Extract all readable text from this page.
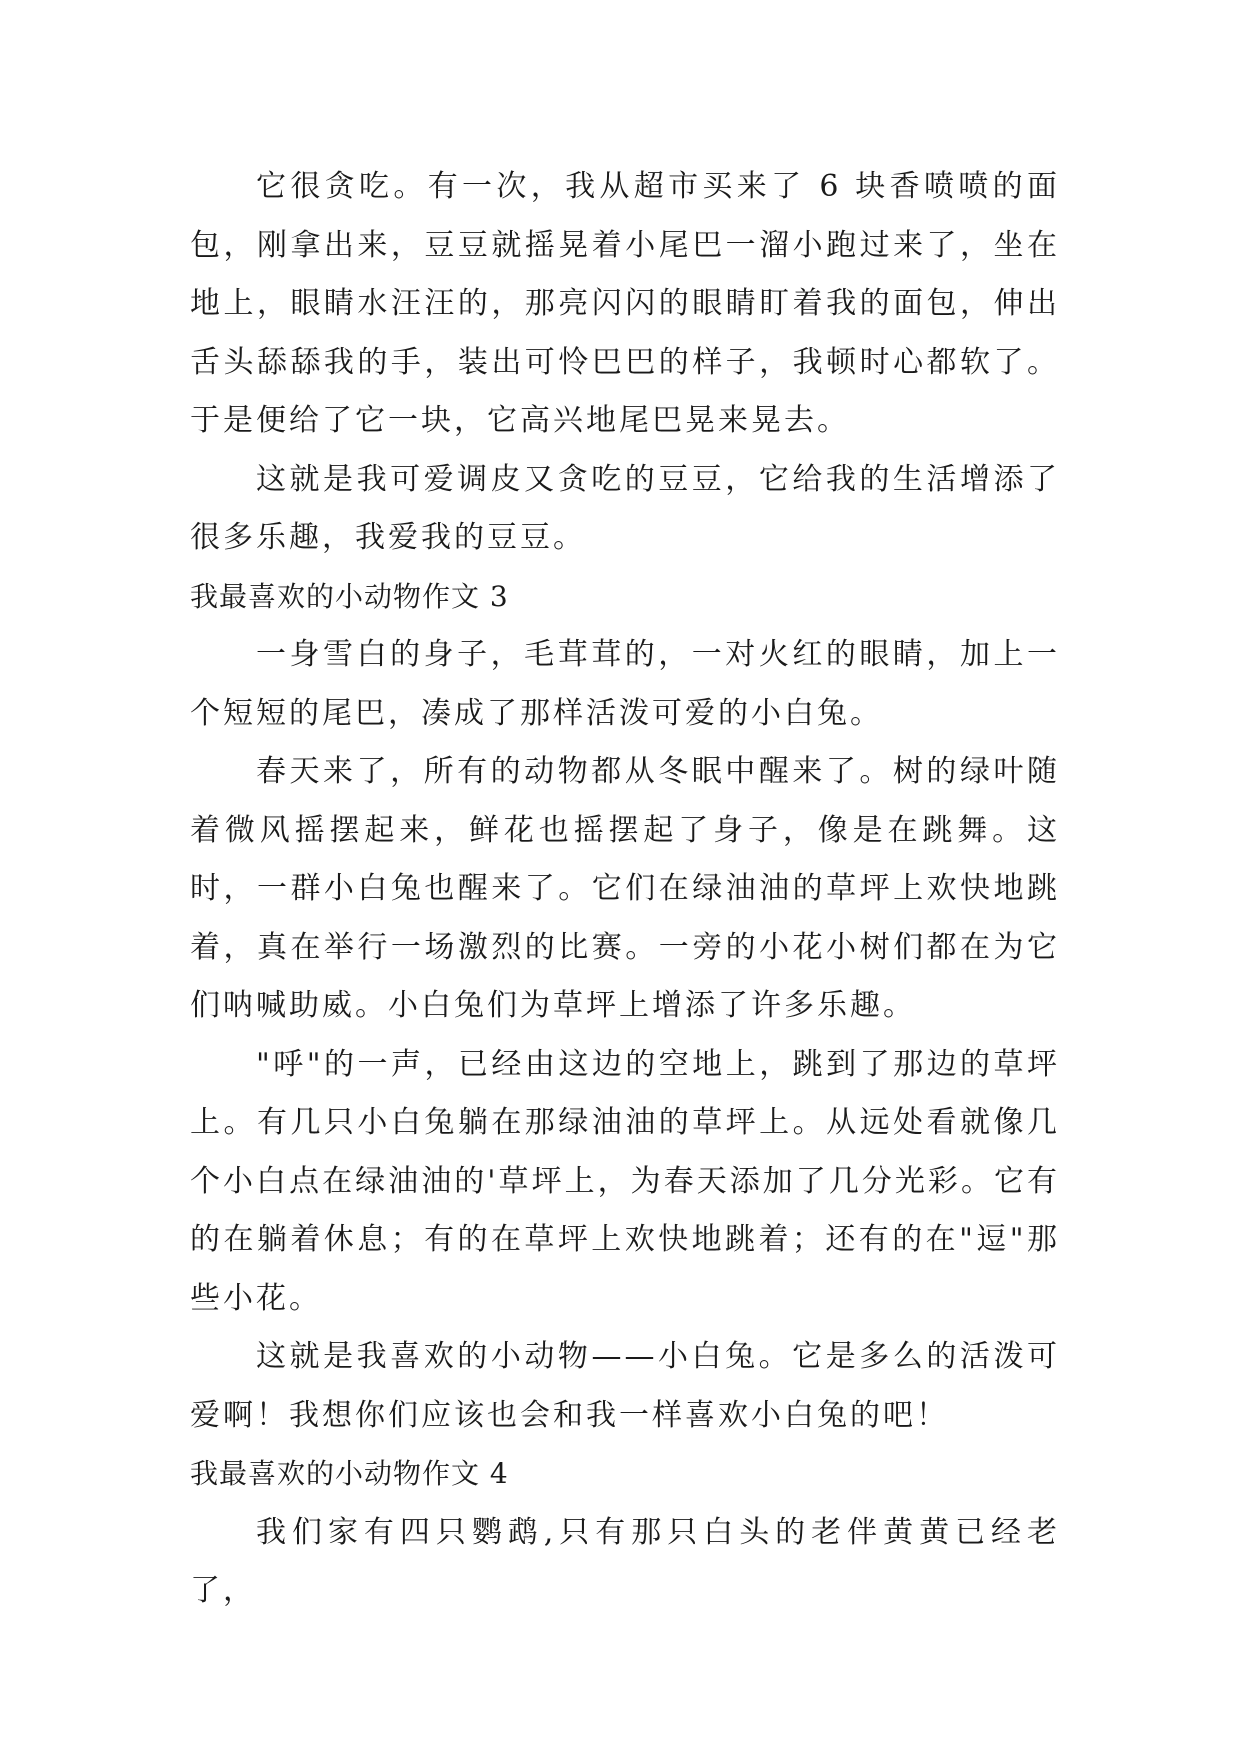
它很贪吃。有一次，我从超市买来了 6 块香喷喷的面包，刚拿出来，豆豆就摇晃着小尾巴一溜小跑过来了，坐在地上，眼睛水汪汪的，那亮闪闪的眼睛盯着我的面包，伸出舌头舔舔我的手，装出可怜巴巴的样子，我顿时心都软了。于是便给了它一块，它高兴地尾巴晃来晃去。

这就是我可爱调皮又贪吃的豆豆，它给我的生活增添了很多乐趣，我爱我的豆豆。

我最喜欢的小动物作文 3

一身雪白的身子，毛茸茸的，一对火红的眼睛，加上一个短短的尾巴，凑成了那样活泼可爱的小白兔。

春天来了，所有的动物都从冬眠中醒来了。树的绿叶随着微风摇摆起来，鲜花也摇摆起了身子，像是在跳舞。这时，一群小白兔也醒来了。它们在绿油油的草坪上欢快地跳着，真在举行一场激烈的比赛。一旁的小花小树们都在为它们呐喊助威。小白兔们为草坪上增添了许多乐趣。

"呼"的一声，已经由这边的空地上，跳到了那边的草坪上。有几只小白兔躺在那绿油油的草坪上。从远处看就像几个小白点在绿油油的'草坪上，为春天添加了几分光彩。它有的在躺着休息；有的在草坪上欢快地跳着；还有的在"逗"那些小花。

这就是我喜欢的小动物——小白兔。它是多么的活泼可爱啊！我想你们应该也会和我一样喜欢小白兔的吧！

我最喜欢的小动物作文 4

我们家有四只鹦鹉,只有那只白头的老伴黄黄已经老了，
